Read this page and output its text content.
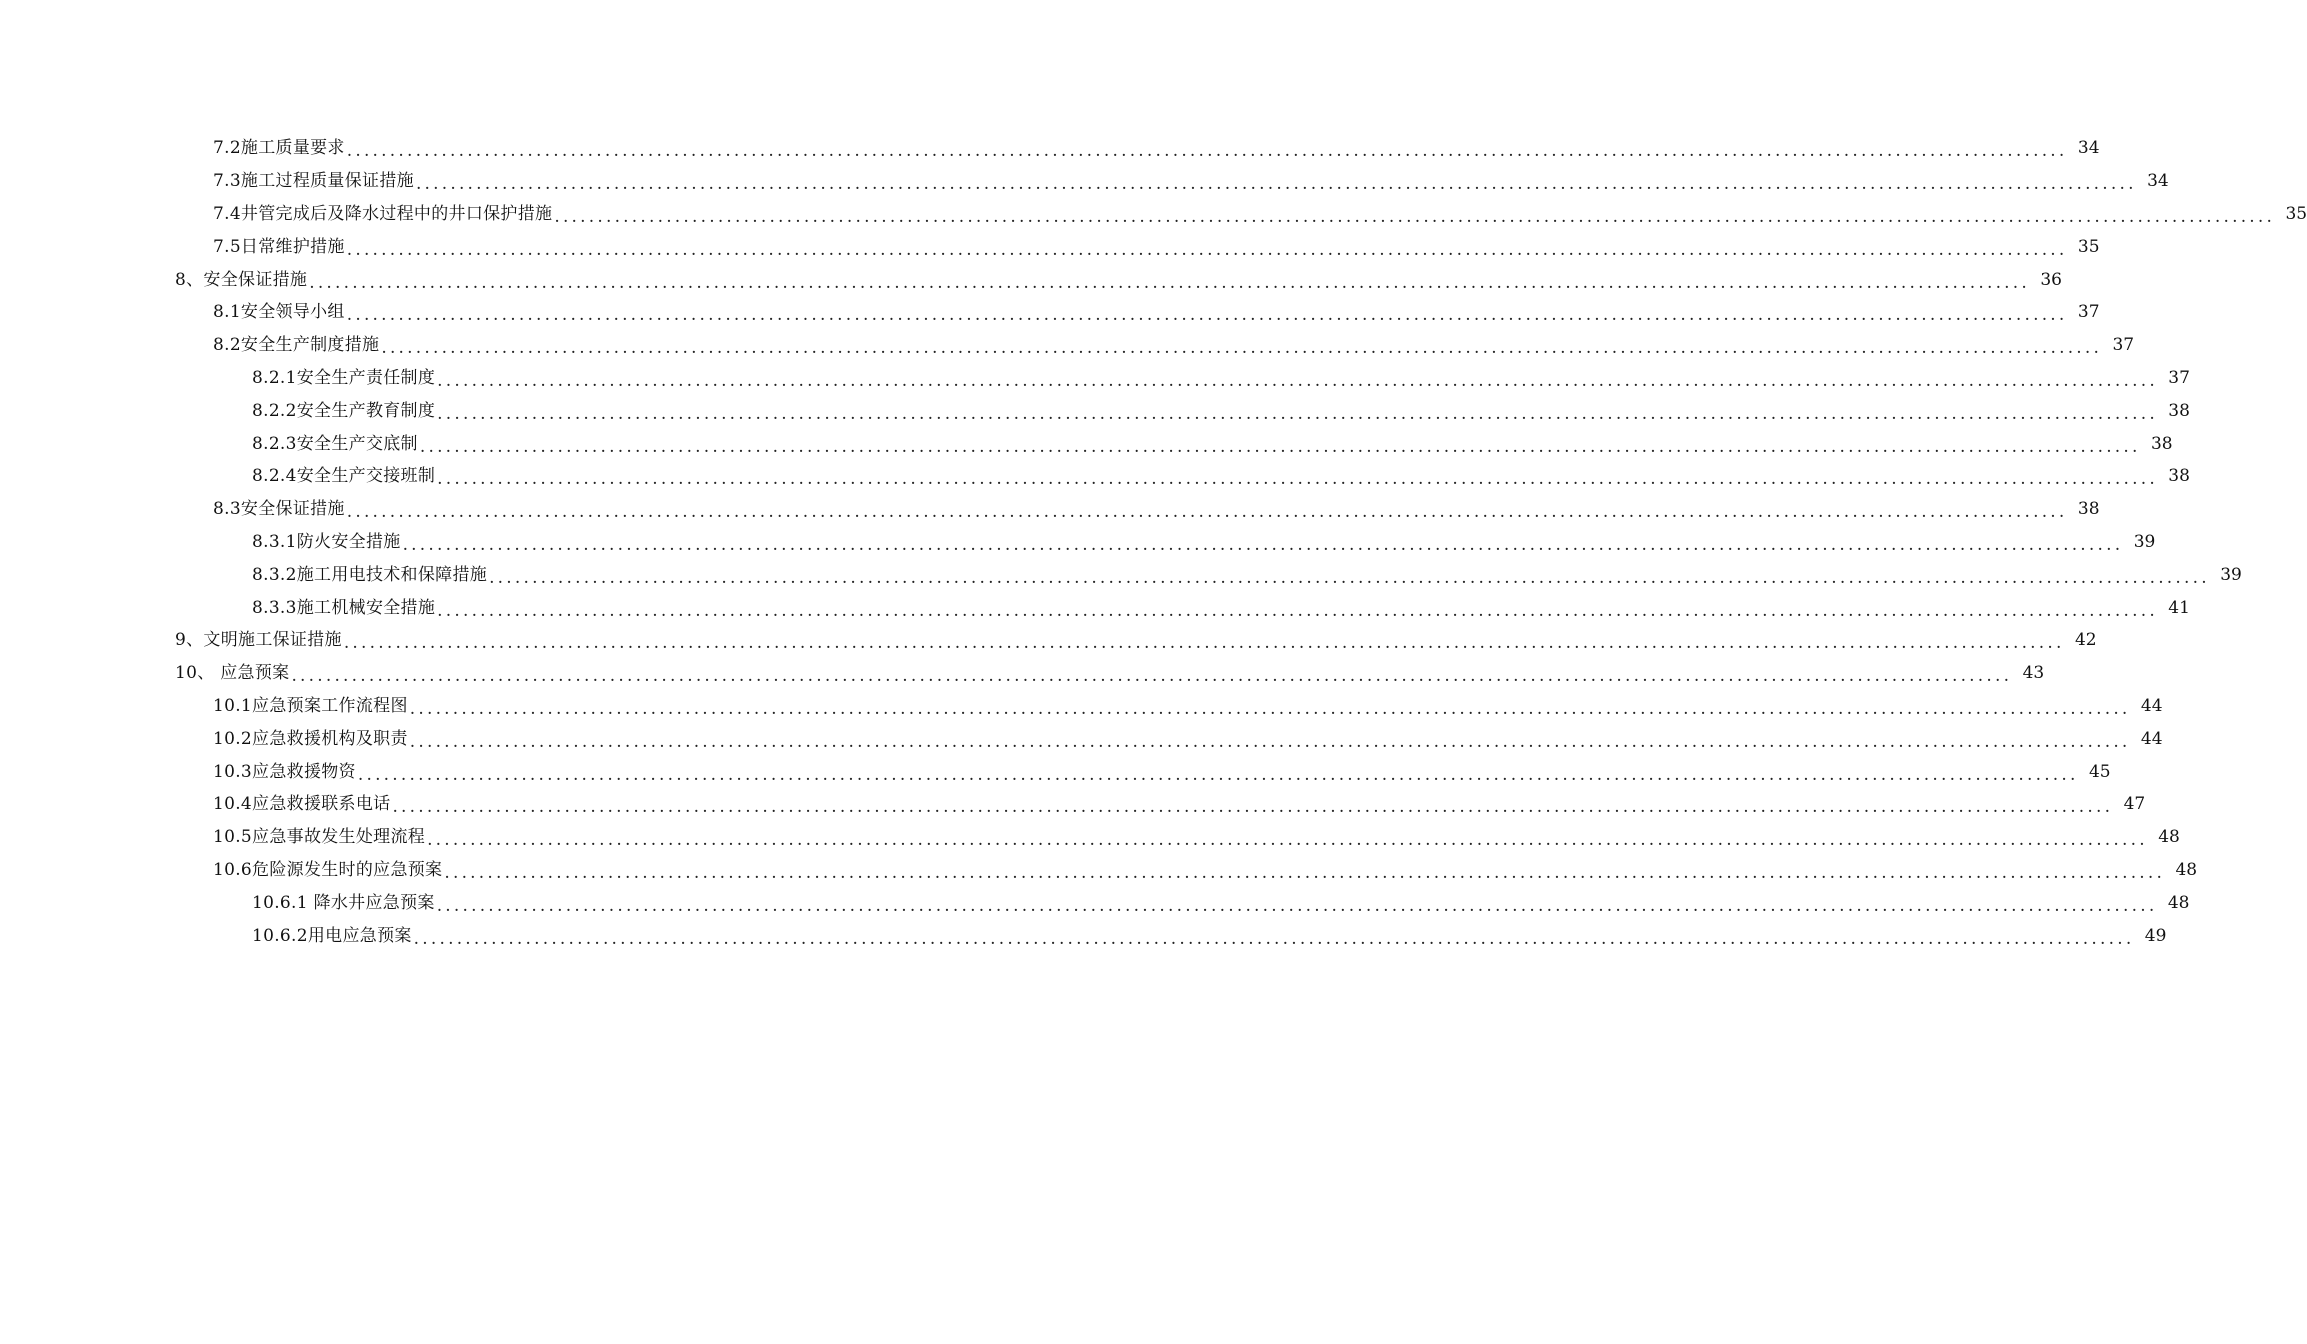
7.2施工质量要求 ........................................................................................................................................................................................................ 34
7.3施工过程质量保证措施 ........................................................................................................................................................................................................ 34
7.4井管完成后及降水过程中的井口保护措施 ........................................................................................................................................................................................................ 35
7.5日常维护措施 ........................................................................................................................................................................................................ 35
8、安全保证措施 ........................................................................................................................................................................................................ 36
8.1安全领导小组 ........................................................................................................................................................................................................ 37
8.2安全生产制度措施 ........................................................................................................................................................................................................ 37
8.2.1安全生产责任制度 ........................................................................................................................................................................................................ 37
8.2.2安全生产教育制度 ........................................................................................................................................................................................................ 38
8.2.3安全生产交底制 ........................................................................................................................................................................................................ 38
8.2.4安全生产交接班制 ........................................................................................................................................................................................................ 38
8.3安全保证措施 ........................................................................................................................................................................................................ 38
8.3.1防火安全措施 ........................................................................................................................................................................................................ 39
8.3.2施工用电技术和保障措施 ........................................................................................................................................................................................................ 39
8.3.3施工机械安全措施 ........................................................................................................................................................................................................ 41
9、文明施工保证措施 ........................................................................................................................................................................................................ 42
10、 应急预案 ........................................................................................................................................................................................................ 43
10.1应急预案工作流程图 ........................................................................................................................................................................................................ 44
10.2应急救援机构及职责 ........................................................................................................................................................................................................ 44
10.3应急救援物资 ........................................................................................................................................................................................................ 45
10.4应急救援联系电话 ........................................................................................................................................................................................................ 47
10.5应急事故发生处理流程 ........................................................................................................................................................................................................ 48
10.6危险源发生时的应急预案 ........................................................................................................................................................................................................ 48
10.6.1 降水井应急预案 ........................................................................................................................................................................................................ 48
10.6.2用电应急预案 ........................................................................................................................................................................................................ 49
